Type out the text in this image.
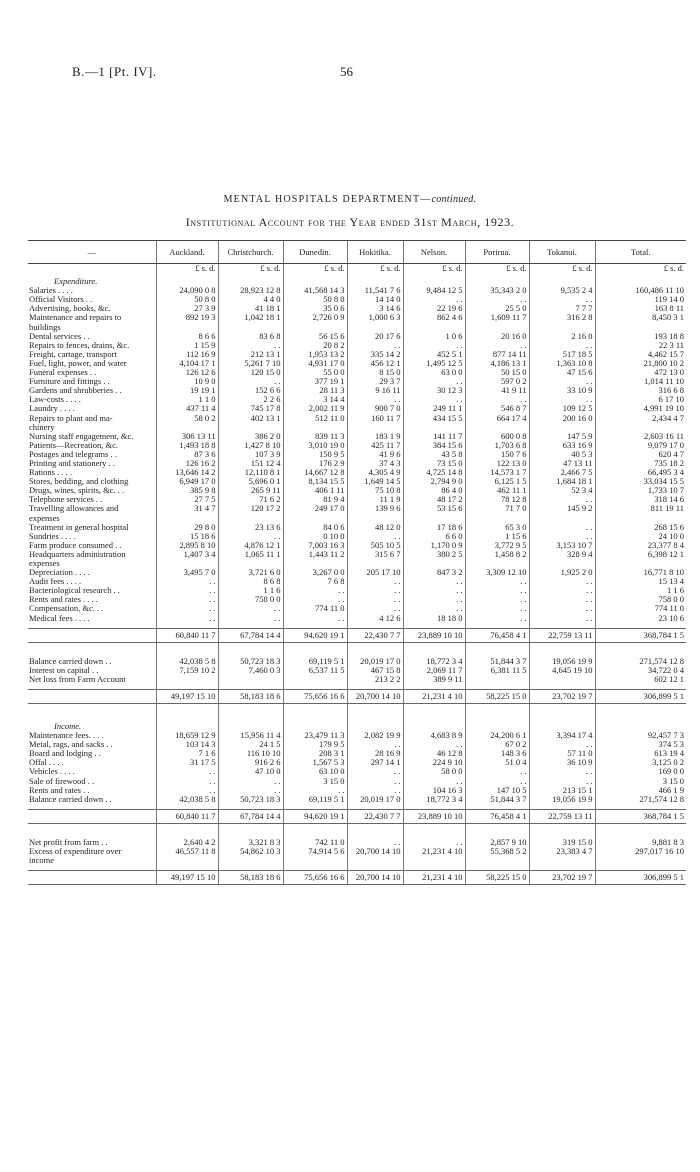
B.—1 [Pt. IV].	56
MENTAL HOSPITALS DEPARTMENT—continued.
Institutional Account for the Year ended 31st March, 1923.
—	Auckland.	Christchurch.	Dunedin.	Hokitika.	Nelson.	Porirua.	Tokanui.	Total.
	£ s. d.	£ s. d.	£ s. d.	£ s. d.	£ s. d.	£ s. d.	£ s. d.	£ s. d.
Expenditure.								
Salaries . . . .	24,090 0 8	28,923 12 8	41,568 14 3	11,541 7 6	9,484 12 5	35,343 2 0	9,535 2 4	160,486 11 10
Official Visitors . .	50 8 0	4 4 0	50 8 0	14 14 0	. .	. .	. .	119 14 0
Advertising, books, &c.	27 3 9	41 18 1	35 0 6	3 14 6	22 19 6	25 5 0	7 7 7	163 8 11
Maintenance and repairs to	892 19 3	1,042 18 1	2,726 0 9	1,000 6 3	862 4 6	1,609 11 7	316 2 8	8,450 3 1
buildings								
Dental services . .	8 6 6	83 6 8	56 15 6	20 17 6	1 0 6	20 16 0	2 16 0	193 18 8
Repairs to fences, drains, &c.	1 15 9	. .	20 8 2	. .	. .	. .	. .	22 3 11
Freight, cartage, transport	112 16 9	212 13 1	1,953 13 2	335 14 2	452 5 1	877 14 11	517 18 5	4,462 15 7
Fuel, light, power, and water	4,104 17 1	5,261 7 10	4,931 17 0	456 12 1	1,495 12 5	4,186 13 1	1,363 10 8	21,800 10 2
Funeral expenses . .	126 12 6	120 15 0	55 0 0	8 15 0	63 0 0	50 15 0	47 15 6	472 13 0
Furniture and fittings . .	10 9 0	. .	377 19 1	29 3 7	. .	597 0 2	. .	1,014 11 10
Gardens and shrubberies . .	19 19 1	152 6 6	28 11 3	9 16 11	30 12 3	41 9 11	33 10 9	316 6 8
Law-costs . . . .	1 1 0	2 2 6	3 14 4	. .	. .	. .	. .	6 17 10
Laundry . . . .	437 11 4	745 17 8	2,002 11 9	900 7 0	249 11 1	546 8 7	109 12 5	4,991 19 10
Repairs to plant and ma-	58 0 2	402 13 1	512 11 0	160 11 7	434 15 5	664 17 4	200 16 0	2,434 4 7
chinery								
Nursing staff engagement, &c.	306 13 11	386 2 0	839 11 3	183 1 9	141 11 7	600 0 8	147 5 9	2,603 16 11
Patients—Recreation, &c.	1,493 18 8	1,427 8 10	3,010 19 0	425 11 7	384 15 6	1,703 6 8	633 16 9	9,079 17 0
Postages and telegrams . .	87 3 6	107 3 9	150 9 5	41 9 6	43 5 8	150 7 6	40 5 3	620 4 7
Printing and stationery . .	126 16 2	151 12 4	176 2 9	37 4 3	73 15 0	122 13 0	47 13 11	735 18 2
Rations . . . .	13,646 14 2	12,110 8 1	14,667 12 8	4,305 4 9	4,725 14 8	14,573 1 7	2,466 7 5	66,495 3 4
Stores, bedding, and clothing	6,949 17 0	5,696 0 1	8,134 15 5	1,649 14 5	2,794 9 0	6,125 1 5	1,684 18 1	33,034 15 5
Drugs, wines, spirits, &c. . .	385 9 8	265 9 11	406 1 11	75 10 8	86 4 0	462 11 1	52 3 4	1,733 10 7
Telephone services . .	27 7 5	71 6 2	81 9 4	11 1 9	48 17 2	78 12 8	. .	318 14 6
Travelling allowances and	31 4 7	120 17 2	249 17 0	139 9 6	53 15 6	71 7 0	145 9 2	811 19 11
expenses								
Treatment in general hospital	29 8 0	23 13 6	84 0 6	48 12 0	17 18 6	65 3 0	. .	268 15 6
Sundries . . . .	15 18 6	. .	0 10 0	. .	6 6 0	1 15 6	. .	24 10 0
Farm produce consumed . .	2,895 8 10	4,876 12 1	7,003 16 3	505 10 5	1,170 0 9	3,772 9 5	3,153 10 7	23,377 8 4
Headquarters administration	1,407 3 4	1,065 11 1	1,443 11 2	315 6 7	380 2 5	1,458 8 2	328 9 4	6,398 12 1
expenses								
Depreciation . . . .	3,495 7 0	3,721 6 0	3,267 0 0	205 17 10	847 3 2	3,309 12 10	1,925 2 0	16,771 8 10
Audit fees . . . .	. .	8 6 8	7 6 8	. .	. .	. .	. .	15 13 4
Bacteriological research . .	. .	1 1 6	. .	. .	. .	. .	. .	1 1 6
Rents and rates . . . .	. .	758 0 0	. .	. .	. .	. .	. .	758 0 0
Compensation, &c. . .	. .	. .	774 11 0	. .	. .	. .	. .	774 11 0
Medical fees . . . .	. .	. .	. .	4 12 6	18 18 0	. .	. .	23 10 6

	60,840 11 7	67,784 14 4	94,620 19 1	22,430 7 7	23,889 10 10	76,458 4 1	22,759 13 11	368,784 1 5

Balance carried down . .	42,038 5 8	50,723 18 3	69,119 5 1	20,019 17 0	18,772 3 4	51,844 3 7	19,056 19 9	271,574 12 8
Interest on capital . .	7,159 10 2	7,460 0 3	6,537 11 5	467 15 8	2,069 11 7	6,381 11 5	4,645 19 10	34,722 0 4
Net loss from Farm Account				213 2 2	389 9 11			602 12 1

	49,197 15 10	58,183 18 6	75,656 16 6	20,700 14 10	21,231 4 10	58,225 15 0	23,702 19 7	306,899 5 1

Income.								
Maintenance fees. . . .	18,659 12 9	15,956 11 4	23,479 11 3	2,082 19 9	4,683 8 9	24,200 6 1	3,394 17 4	92,457 7 3
Metal, rags, and sacks . .	103 14 3	24 1 5	179 9 5	. .	. .	67 0 2	. .	374 5 3
Board and lodging . .	7 1 6	116 10 10	208 3 1	28 16 9	46 12 8	148 3 6	57 11 0	613 19 4
Offal . . . .	31 17 5	916 2 6	1,567 5 3	297 14 1	224 9 10	51 0 4	36 10 9	3,125 0 2
Vehicles . . . .	. .	47 10 0	63 10 0	. .	58 0 0	. .	. .	169 0 0
Sale of firewood . .	. .	. .	3 15 0	. .	. .	. .	. .	3 15 0
Rents and rates . .	. .	. .	. .	. .	104 16 3	147 10 5	213 15 1	466 1 9
Balance carried down . .	42,038 5 8	50,723 18 3	69,119 5 1	20,019 17 0	18,772 3 4	51,844 3 7	19,056 19 9	271,574 12 8

	60,840 11 7	67,784 14 4	94,620 19 1	22,430 7 7	23,889 10 10	76,458 4 1	22,759 13 11	368,784 1 5

Net profit from farm . .	2,640 4 2	3,321 8 3	742 11 0	. .	. .	2,857 9 10	319 15 0	9,881 8 3
Excess of expenditure over	46,557 11 8	54,862 10 3	74,914 5 6	20,700 14 10	21,231 4 10	55,368 5 2	23,383 4 7	297,017 16 10
income								

	49,197 15 10	58,183 18 6	75,656 16 6	20,700 14 10	21,231 4 10	58,225 15 0	23,702 19 7	306,899 5 1
